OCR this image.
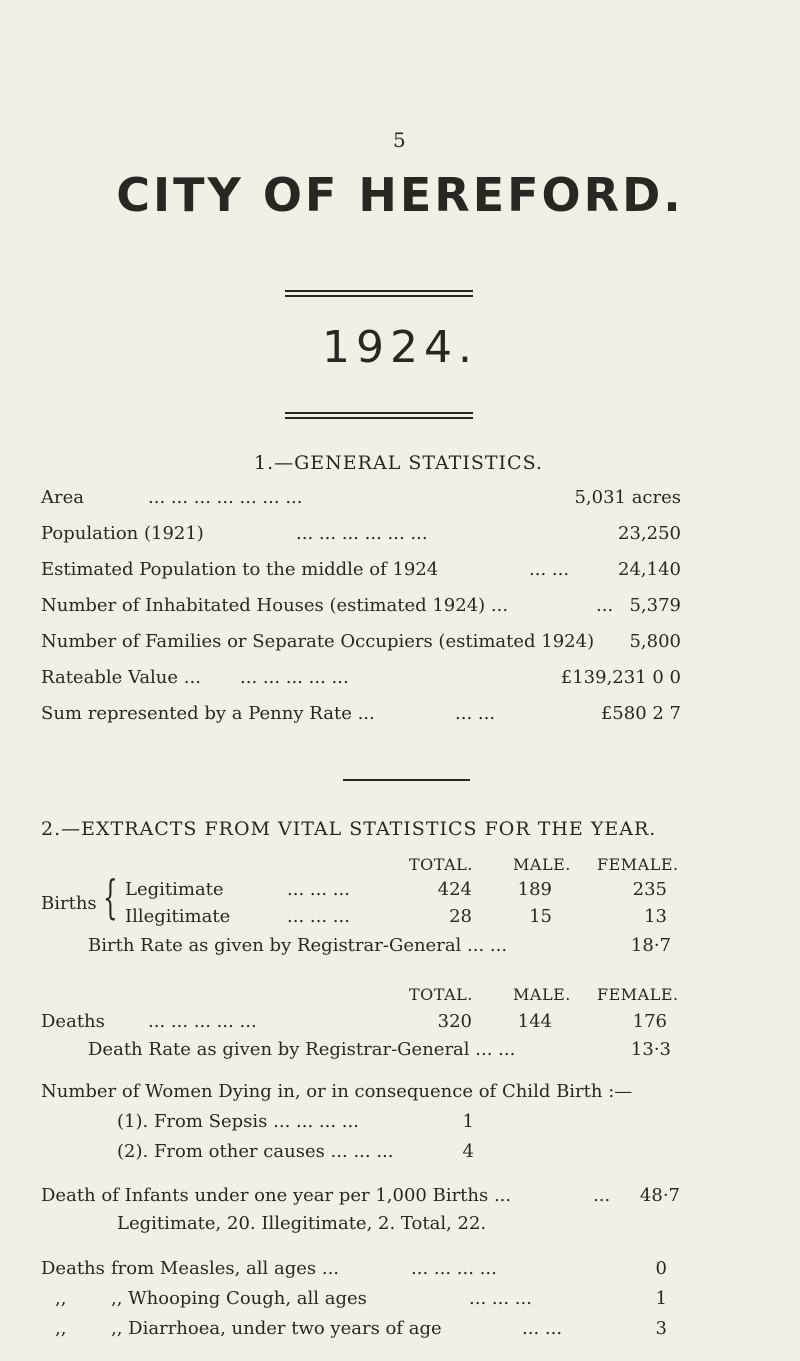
5
CITY OF HEREFORD.
1924.
1.—GENERAL STATISTICS.
Area	... ... ... ... ... ... ...	5,031 acres
Population (1921)	... ... ... ... ... ...	23,250
Estimated Population to the middle of 1924	... ...	24,140
Number of Inhabitated Houses (estimated 1924) ...	... 5,379
Number of Families or Separate Occupiers (estimated 1924) 5,800
Rateable Value ... ... ... ... ... ...	£139,231 0 0
Sum represented by a Penny Rate ...	... ...	£580 2 7
2.—EXTRACTS FROM VITAL STATISTICS FOR THE YEAR.
TOTAL.	MALE. FEMALE.
Births { Legitimate	... ... ...	424	189	235
Illegitimate	... ... ...	28	15	13
Birth Rate as given by Registrar-General ... ...	18·7
TOTAL.	MALE. FEMALE.
Deaths ... ... ... ... ...	320	144	176
Death Rate as given by Registrar-General ... ...	13·3
Number of Women Dying in, or in consequence of Child Birth :—
(1). From Sepsis ... ... ... ...	1
(2). From other causes ... ... ...	4
Death of Infants under one year per 1,000 Births ...	... 48·7
Legitimate, 20. Illegitimate, 2. Total, 22.
Deaths from Measles, all ages ...	... ... ... ...	0
,, ,, Whooping Cough, all ages	... ... ...	1
,, ,, Diarrhoea, under two years of age	... ...	3
